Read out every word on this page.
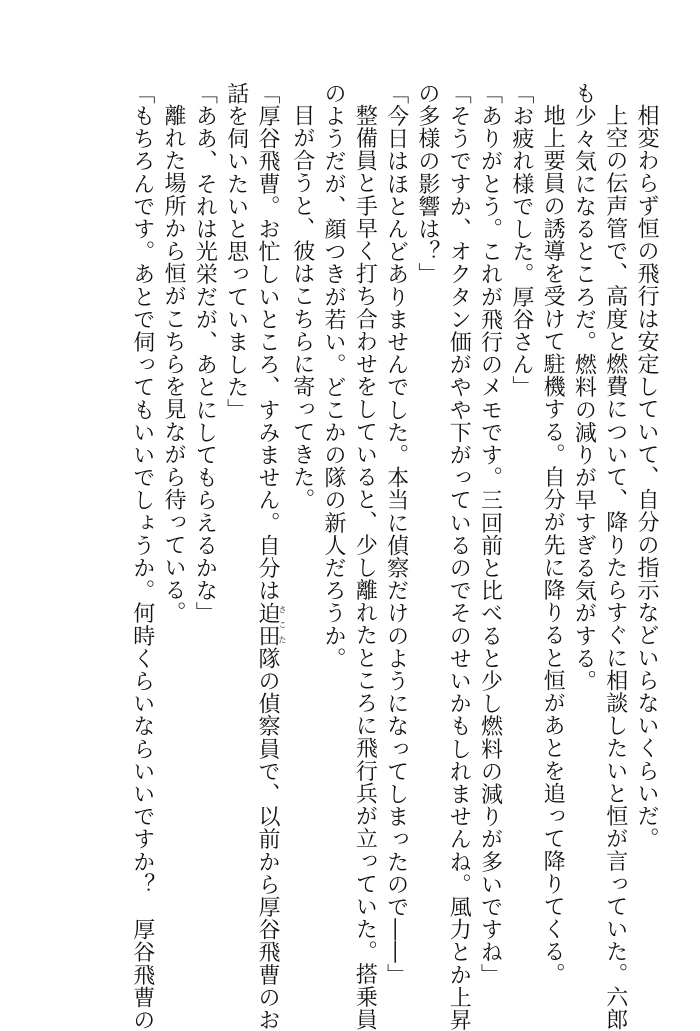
相変わらず恒の飛行は安定していて、自分の指示などいらないくらいだ。
上空の伝声管で、高度と燃費について、降りたらすぐに相談したいと恒が言っていた。六郎
も少々気になるところだ。燃料の減りが早すぎる気がする。
地上要員の誘導を受けて駐機する。自分が先に降りると恒があとを追って降りてくる。
「お疲れ様でした。厚谷さん」
「ありがとう。これが飛行のメモです。三回前と比べると少し燃料の減りが多いですね」
「そうですか、オクタン価がやや下がっているのでそのせいかもしれませんね。風力とか上昇
の多様の影響は？」
「今日はほとんどありませんでした。本当に偵察だけのようになってしまったので――」
整備員と手早く打ち合わせをしていると、少し離れたところに飛行兵が立っていた。搭乗員
のようだが、顔つきが若い。どこかの隊の新人だろうか。
目が合うと、彼はこちらに寄ってきた。
「厚谷飛曹。お忙しいところ、すみません。自分は迫田さこた隊の偵察員で、以前から厚谷飛曹のお
話を伺いたいと思っていました」
「ああ、それは光栄だが、あとにしてもらえるかな」
離れた場所から恒がこちらを見ながら待っている。
「もちろんです。あとで伺ってもいいでしょうか。何時くらいならいいですか？　厚谷飛曹の
